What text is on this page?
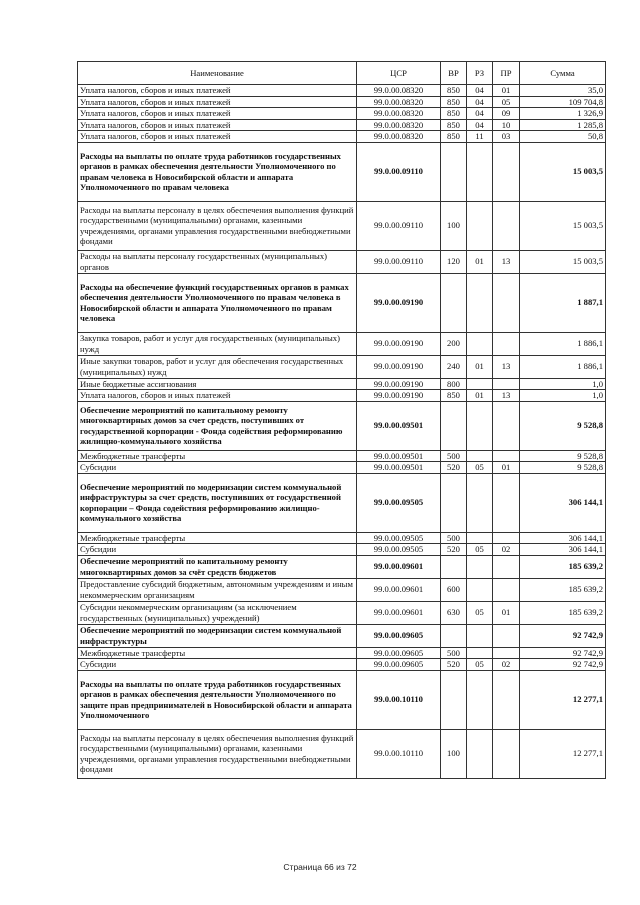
Наименование	ЦСР	ВР	РЗ	ПР	Сумма
Уплата налогов, сборов и иных платежей	99.0.00.08320	850	04	01	35,0
Уплата налогов, сборов и иных платежей	99.0.00.08320	850	04	05	109 704,8
Уплата налогов, сборов и иных платежей	99.0.00.08320	850	04	09	1 326,9
Уплата налогов, сборов и иных платежей	99.0.00.08320	850	04	10	1 285,8
Уплата налогов, сборов и иных платежей	99.0.00.08320	850	11	03	50,8
Расходы на выплаты по оплате труда работников государственных органов в рамках обеспечения деятельности Уполномоченного по правам человека в Новосибирской области и аппарата Уполномоченного по правам человека	99.0.00.09110				15 003,5
Расходы на выплаты персоналу в целях обеспечения выполнения функций государственными (муниципальными) органами, казенными учреждениями, органами управления государственными внебюджетными фондами	99.0.00.09110	100			15 003,5
Расходы на выплаты персоналу государственных (муниципальных) органов	99.0.00.09110	120	01	13	15 003,5
Расходы на обеспечение функций государственных органов в рамках обеспечения деятельности Уполномоченного по правам человека в Новосибирской области и аппарата Уполномоченного по правам человека	99.0.00.09190				1 887,1
Закупка товаров, работ и услуг для государственных (муниципальных) нужд	99.0.00.09190	200			1 886,1
Иные закупки товаров, работ и услуг для обеспечения государственных (муниципальных) нужд	99.0.00.09190	240	01	13	1 886,1
Иные бюджетные ассигнования	99.0.00.09190	800			1,0
Уплата налогов, сборов и иных платежей	99.0.00.09190	850	01	13	1,0
Обеспечение мероприятий по капитальному ремонту многоквартирных домов за счет средств, поступивших от государственной корпорации - Фонда содействия реформированию жилищно-коммунального хозяйства	99.0.00.09501				9 528,8
Межбюджетные трансферты	99.0.00.09501	500			9 528,8
Субсидии	99.0.00.09501	520	05	01	9 528,8
Обеспечение мероприятий по модернизации систем коммунальной инфраструктуры за счет средств, поступивших от государственной корпорации – Фонда содействия реформированию жилищно-коммунального хозяйства	99.0.00.09505				306 144,1
Межбюджетные трансферты	99.0.00.09505	500			306 144,1
Субсидии	99.0.00.09505	520	05	02	306 144,1
Обеспечение мероприятий по капитальному ремонту многоквартирных домов за счёт средств бюджетов	99.0.00.09601				185 639,2
Предоставление субсидий бюджетным, автономным учреждениям и иным некоммерческим организациям	99.0.00.09601	600			185 639,2
Субсидии некоммерческим организациям (за исключением государственных (муниципальных) учреждений)	99.0.00.09601	630	05	01	185 639,2
Обеспечение мероприятий по модернизации систем коммунальной инфраструктуры	99.0.00.09605				92 742,9
Межбюджетные трансферты	99.0.00.09605	500			92 742,9
Субсидии	99.0.00.09605	520	05	02	92 742,9
Расходы на выплаты по оплате труда работников государственных органов в рамках обеспечения деятельности Уполномоченного по защите прав предпринимателей в Новосибирской области и аппарата Уполномоченного	99.0.00.10110				12 277,1
Расходы на выплаты персоналу в целях обеспечения выполнения функций государственными (муниципальными) органами, казенными учреждениями, органами управления государственными внебюджетными фондами	99.0.00.10110	100			12 277,1
Страница 66 из 72
